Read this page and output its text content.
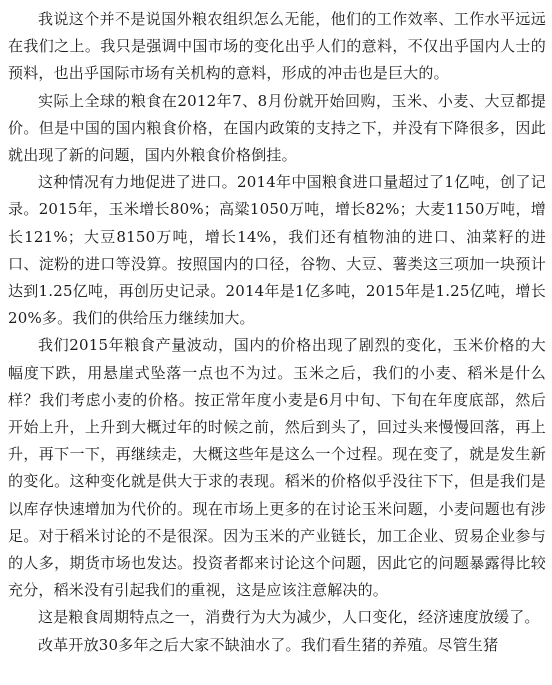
我说这个并不是说国外粮农组织怎么无能，他们的工作效率、工作水平远远在我们之上。我只是强调中国市场的变化出乎人们的意料，不仅出乎国内人士的预料，也出乎国际市场有关机构的意料，形成的冲击也是巨大的。

实际上全球的粮食在2012年7、8月份就开始回购，玉米、小麦、大豆都提价。但是中国的国内粮食价格，在国内政策的支持之下，并没有下降很多，因此就出现了新的问题，国内外粮食价格倒挂。

这种情况有力地促进了进口。2014年中国粮食进口量超过了1亿吨，创了记录。2015年，玉米增长80%；高粱1050万吨，增长82%；大麦1150万吨，增长121%；大豆8150万吨，增长14%，我们还有植物油的进口、油菜籽的进口、淀粉的进口等没算。按照国内的口径，谷物、大豆、薯类这三项加一块预计达到1.25亿吨，再创历史记录。2014年是1亿多吨，2015年是1.25亿吨，增长20%多。我们的供给压力继续加大。

我们2015年粮食产量波动，国内的价格出现了剧烈的变化，玉米价格的大幅度下跌，用悬崖式坠落一点也不为过。玉米之后，我们的小麦、稻米是什么样？我们考虑小麦的价格。按正常年度小麦是6月中旬、下旬在年度底部，然后开始上升，上升到大概过年的时候之前，然后到头了，回过头来慢慢回落，再上升，再下一下，再继续走，大概这些年是这么一个过程。现在变了，就是发生新的变化。这种变化就是供大于求的表现。稻米的价格似乎没往下下，但是我们是以库存快速增加为代价的。现在市场上更多的在讨论玉米问题，小麦问题也有涉足。对于稻米讨论的不是很深。因为玉米的产业链长，加工企业、贸易企业参与的人多，期货市场也发达。投资者都来讨论这个问题，因此它的问题暴露得比较充分，稻米没有引起我们的重视，这是应该注意解决的。

这是粮食周期特点之一，消费行为大为减少，人口变化，经济速度放缓了。

改革开放30多年之后大家不缺油水了。我们看生猪的养殖。尽管生猪
